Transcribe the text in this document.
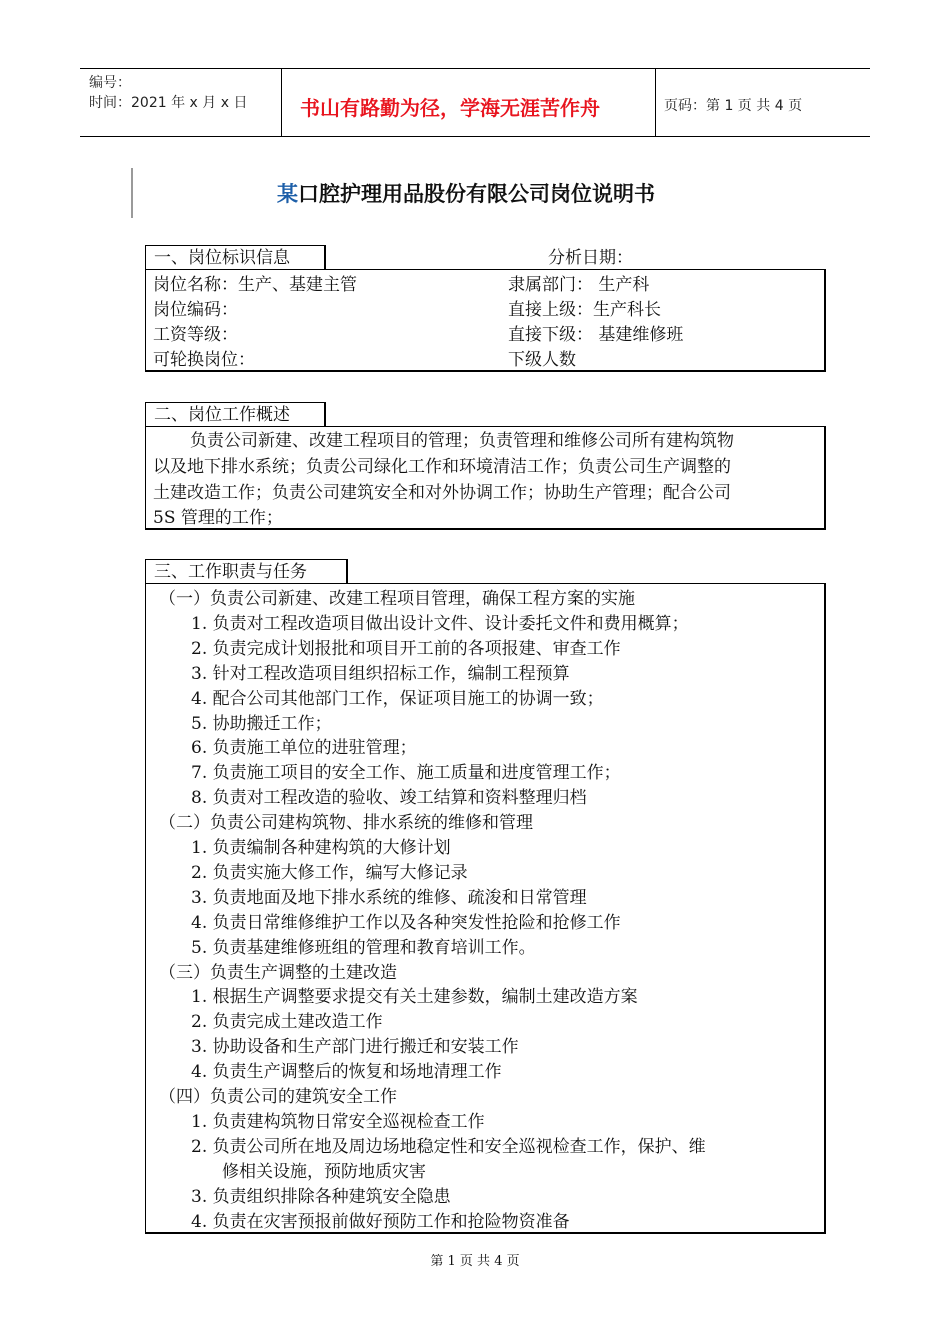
编号：
时间：2021 年 x 月 x 日	书山有路勤为径，学海无涯苦作舟	页码：第 1 页 共 4 页
某口腔护理用品股份有限公司岗位说明书
一、岗位标识信息	分析日期：
岗位名称：生产、基建主管	隶属部门： 生产科
岗位编码：	直接上级：生产科长
工资等级：	直接下级： 基建维修班
可轮换岗位：	下级人数
二、岗位工作概述
负责公司新建、改建工程项目的管理；负责管理和维修公司所有建构筑物
以及地下排水系统；负责公司绿化工作和环境清洁工作；负责公司生产调整的
土建改造工作；负责公司建筑安全和对外协调工作；协助生产管理；配合公司
5S 管理的工作；
三、工作职责与任务
（一）负责公司新建、改建工程项目管理，确保工程方案的实施
1. 负责对工程改造项目做出设计文件、设计委托文件和费用概算；
2. 负责完成计划报批和项目开工前的各项报建、审查工作
3. 针对工程改造项目组织招标工作，编制工程预算
4. 配合公司其他部门工作，保证项目施工的协调一致；
5. 协助搬迁工作；
6. 负责施工单位的进驻管理；
7. 负责施工项目的安全工作、施工质量和进度管理工作；
8. 负责对工程改造的验收、竣工结算和资料整理归档
（二）负责公司建构筑物、排水系统的维修和管理
1. 负责编制各种建构筑的大修计划
2. 负责实施大修工作，编写大修记录
3. 负责地面及地下排水系统的维修、疏浚和日常管理
4. 负责日常维修维护工作以及各种突发性抢险和抢修工作
5. 负责基建维修班组的管理和教育培训工作。
（三）负责生产调整的土建改造
1. 根据生产调整要求提交有关土建参数，编制土建改造方案
2. 负责完成土建改造工作
3. 协助设备和生产部门进行搬迁和安装工作
4. 负责生产调整后的恢复和场地清理工作
（四）负责公司的建筑安全工作
1. 负责建构筑物日常安全巡视检查工作
2. 负责公司所在地及周边场地稳定性和安全巡视检查工作，保护、维
修相关设施，预防地质灾害
3. 负责组织排除各种建筑安全隐患
4. 负责在灾害预报前做好预防工作和抢险物资准备
第 1 页 共 4 页
